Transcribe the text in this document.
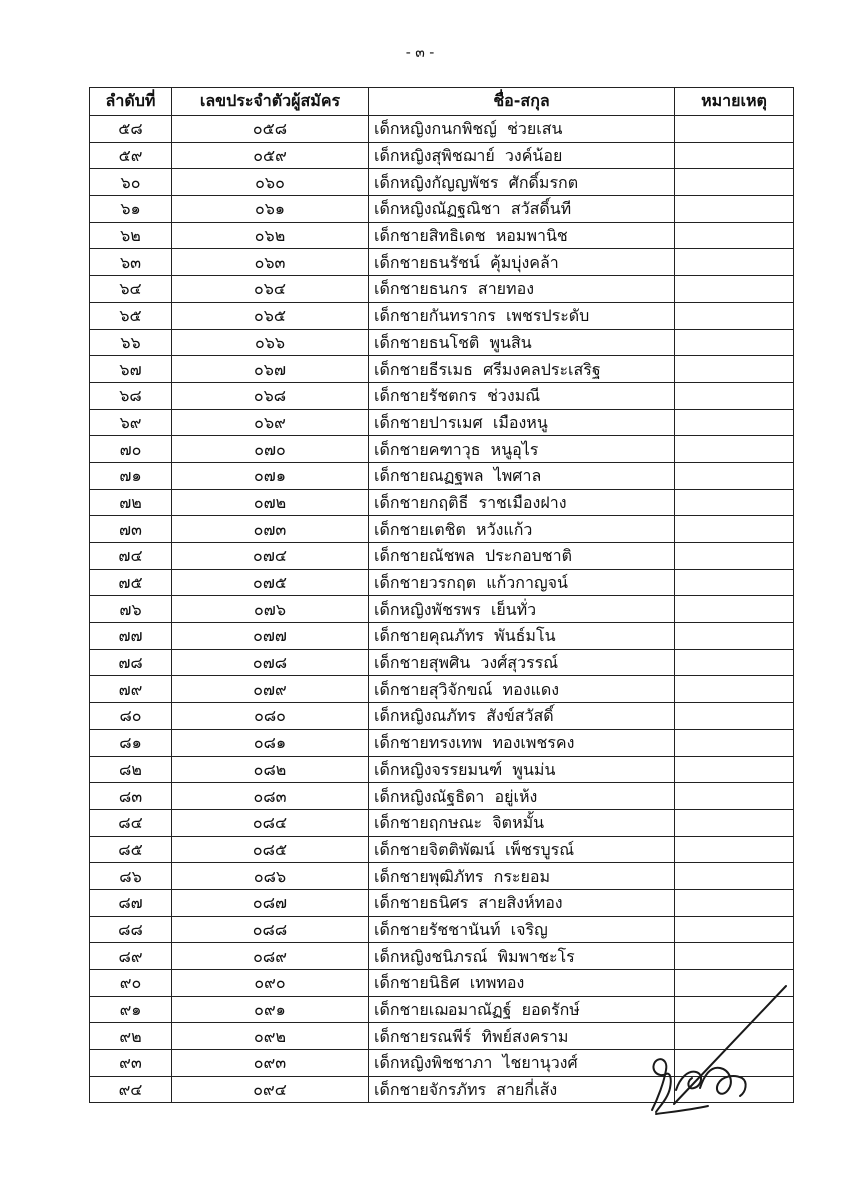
- ๓ -
ลำดับที่	เลขประจำตัวผู้สมัคร	ชื่อ-สกุล	หมายเหตุ
๕๘	๐๕๘	เด็กหญิงกนกพิชญ์  ช่วยเสน	
๕๙	๐๕๙	เด็กหญิงสุพิชฌาย์  วงค์น้อย	
๖๐	๐๖๐	เด็กหญิงกัญญพัชร  ศักดิ์มรกต	
๖๑	๐๖๑	เด็กหญิงณัฏฐณิชา  สวัสดิ์นที	
๖๒	๐๖๒	เด็กชายสิทธิเดช  หอมพานิช	
๖๓	๐๖๓	เด็กชายธนรัชน์  คุ้มบุ่งคล้า	
๖๔	๐๖๔	เด็กชายธนกร  สายทอง	
๖๕	๐๖๕	เด็กชายกันทรากร  เพชรประดับ	
๖๖	๐๖๖	เด็กชายธนโชติ  พูนสิน	
๖๗	๐๖๗	เด็กชายธีรเมธ  ศรีมงคลประเสริฐ	
๖๘	๐๖๘	เด็กชายรัชตกร  ช่วงมณี	
๖๙	๐๖๙	เด็กชายปารเมศ  เมืองหนู	
๗๐	๐๗๐	เด็กชายคฑาวุธ  หนูอุไร	
๗๑	๐๗๑	เด็กชายณฏฐพล  ไพศาล	
๗๒	๐๗๒	เด็กชายกฤติธี  ราชเมืองฝาง	
๗๓	๐๗๓	เด็กชายเตชิต  หวังแก้ว	
๗๔	๐๗๔	เด็กชายณัชพล  ประกอบชาติ	
๗๕	๐๗๕	เด็กชายวรกฤต  แก้วกาญจน์	
๗๖	๐๗๖	เด็กหญิงพัชรพร  เย็นทั่ว	
๗๗	๐๗๗	เด็กชายคุณภัทร  พันธ์มโน	
๗๘	๐๗๘	เด็กชายสุพศิน  วงศ์สุวรรณ์	
๗๙	๐๗๙	เด็กชายสุวิจักขณ์  ทองแดง	
๘๐	๐๘๐	เด็กหญิงณภัทร  สังข์สวัสดิ์	
๘๑	๐๘๑	เด็กชายทรงเทพ  ทองเพชรคง	
๘๒	๐๘๒	เด็กหญิงจรรยมนฑ์  พูนม่น	
๘๓	๐๘๓	เด็กหญิงณัฐธิดา  อยู่เห้ง	
๘๔	๐๘๔	เด็กชายฤกษณะ  จิตหมั้น	
๘๕	๐๘๕	เด็กชายจิตติพัฒน์  เพ็ชรบูรณ์	
๘๖	๐๘๖	เด็กชายพุฒิภัทร  กระยอม	
๘๗	๐๘๗	เด็กชายธนิศร  สายสิงห์ทอง	
๘๘	๐๘๘	เด็กชายรัชชานันท์  เจริญ	
๘๙	๐๘๙	เด็กหญิงชนิภรณ์  พิมพาชะโร	
๙๐	๐๙๐	เด็กชายนิธิศ  เทพทอง	
๙๑	๐๙๑	เด็กชายเฌอมาณัฏฐ์  ยอดรักษ์	
๙๒	๐๙๒	เด็กชายรณพีร์  ทิพย์สงคราม	
๙๓	๐๙๓	เด็กหญิงพิชชาภา  ไชยานุวงศ์	
๙๔	๐๙๔	เด็กชายจักรภัทร  สายกี่เส้ง	
